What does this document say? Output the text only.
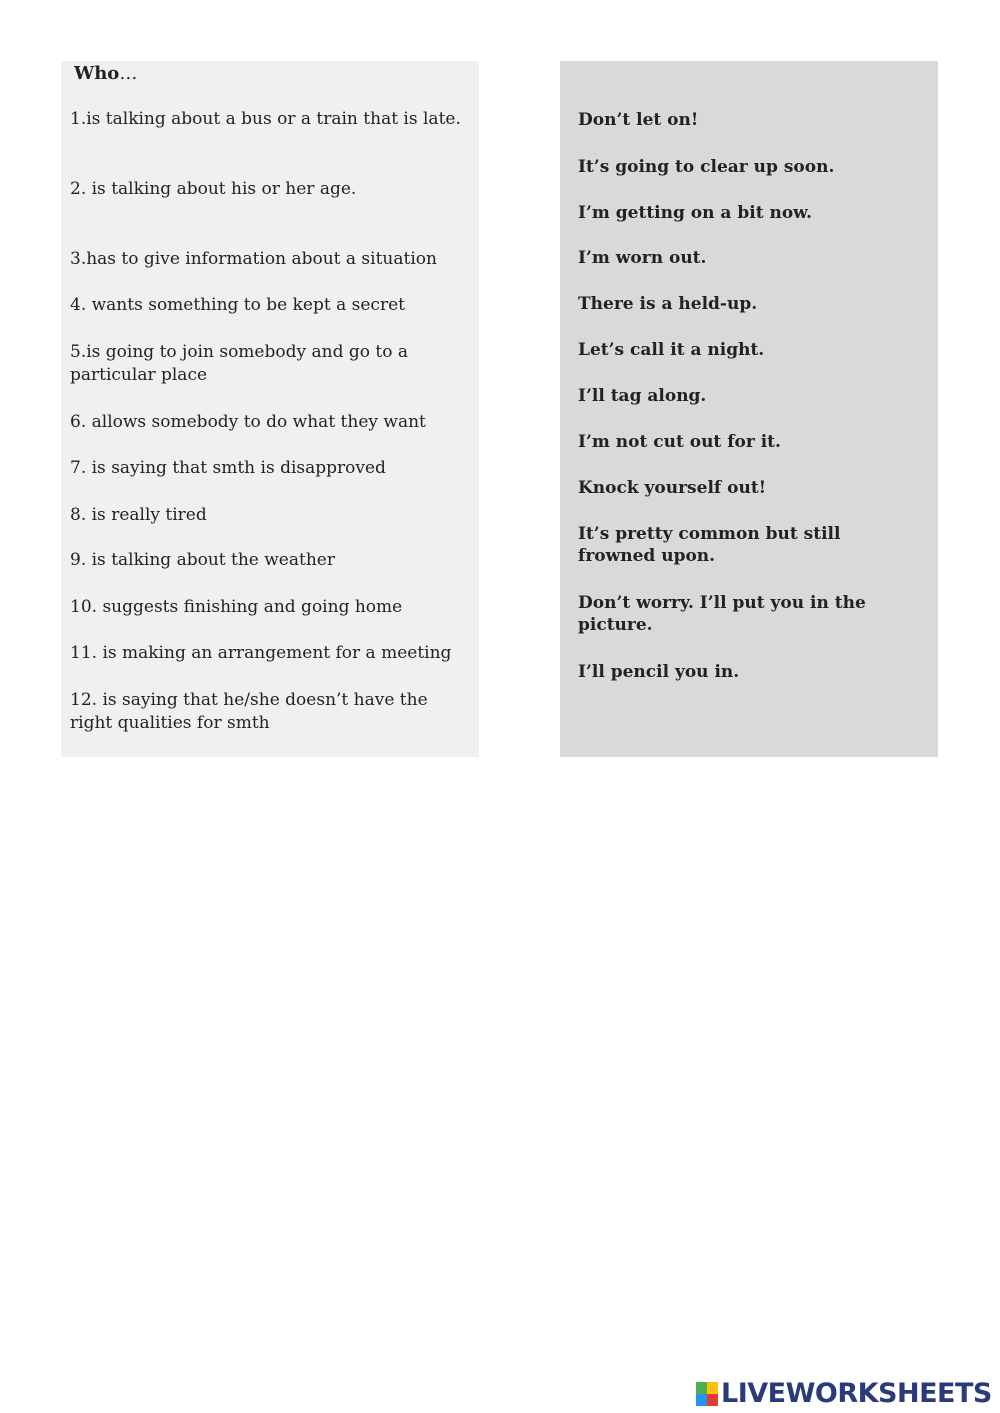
Who…

1.is talking about a bus or a train that is late.

2. is talking about his or her age.

3.has to give information about a situation

4. wants something to be kept a secret

5.is going to join somebody and go to a particular place

6. allows somebody to do what they want

7. is saying that smth is disapproved

8. is really tired

9. is talking about the weather

10. suggests finishing and going home

11. is making an arrangement for a meeting

12. is saying that he/she doesn’t have the right qualities for smth

Don’t let on!

It’s going to clear up soon.

I’m getting on a bit now.

I’m worn out.

There is a held-up.

Let’s call it a night.

I’ll tag along.

I’m not cut out for it.

Knock yourself out!

It’s pretty common but still frowned upon.

Don’t worry. I’ll put you in the picture.

I’ll pencil you in.

LIVEWORKSHEETS
